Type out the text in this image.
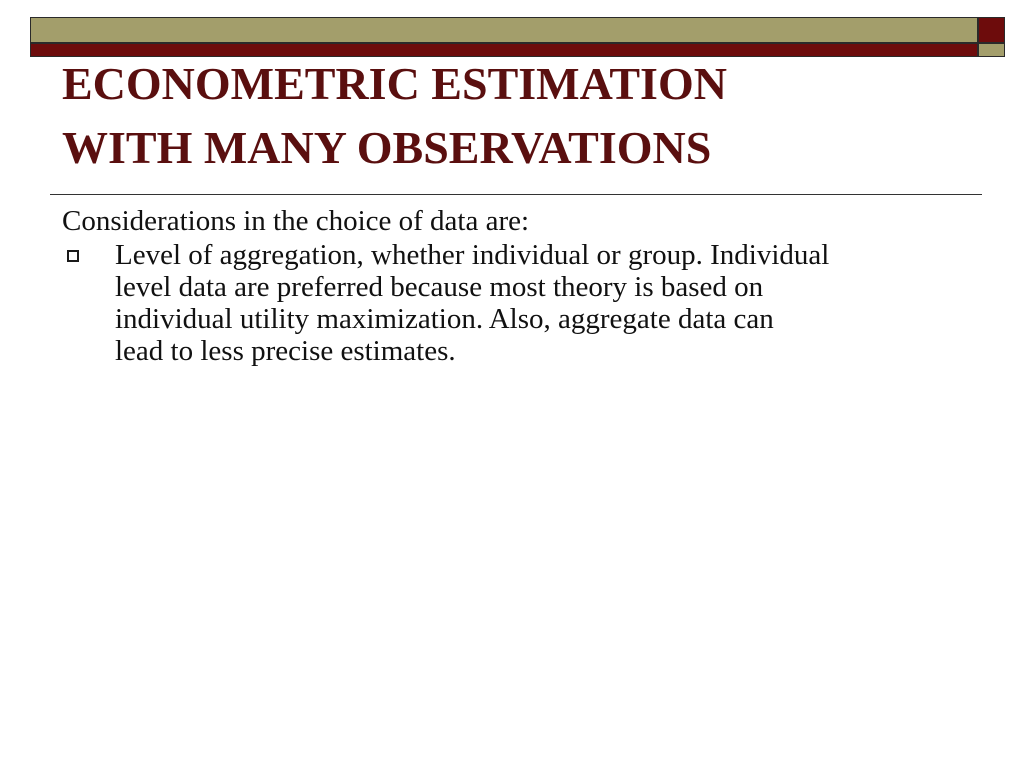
ECONOMETRIC ESTIMATION
WITH MANY OBSERVATIONS

Considerations in the choice of data are:

Level of aggregation, whether individual or group. Individual
level data are preferred because most theory is based on
individual utility maximization. Also, aggregate data can
lead to less precise estimates.
